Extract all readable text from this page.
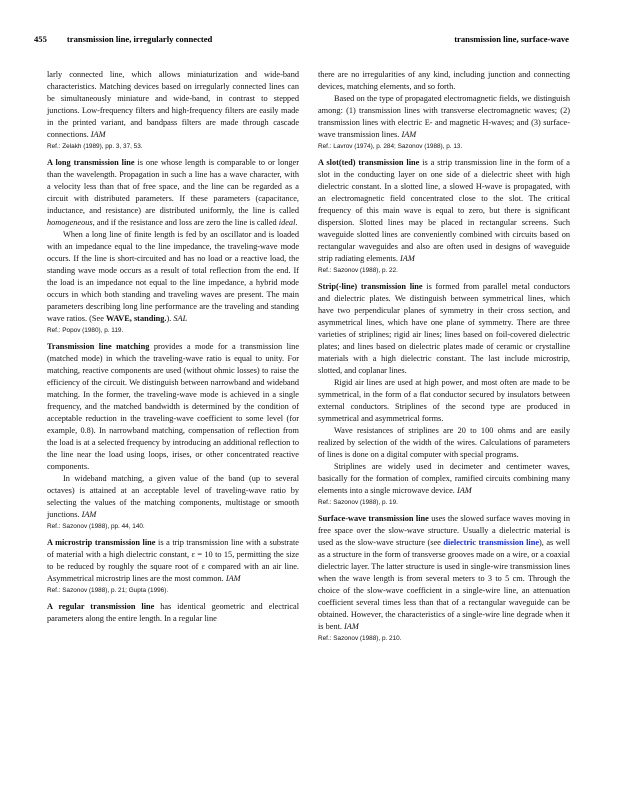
455 transmission line, irregularly connected	transmission line, surface-wave

larly connected line, which allows miniaturization and wide-band characteristics. Matching devices based on irregularly connected lines can be simultaneously miniature and wide-band, in contrast to stepped junctions. Low-frequency filters and high-frequency filters are easily made in the printed variant, and bandpass filters are made through cascade connections. IAM

Ref.: Zelakh (1989), pp. 3, 37, 53.

A long transmission line is one whose length is comparable to or longer than the wavelength. Propagation in such a line has a wave character, with a velocity less than that of free space, and the line can be regarded as a circuit with distributed parameters. If these parameters (capacitance, inductance, and resistance) are distributed uniformly, the line is called homogeneous, and if the resistance and loss are zero the line is called ideal.

When a long line of finite length is fed by an oscillator and is loaded with an impedance equal to the line impedance, the traveling-wave mode occurs. If the line is short-circuited and has no load or a reactive load, the standing wave mode occurs as a result of total reflection from the end. If the load is an impedance not equal to the line impedance, a hybrid mode occurs in which both standing and traveling waves are present. The main parameters describing long line performance are the traveling and standing wave ratios. (See WAVE, standing.). SAL

Ref.: Popov (1980), p. 119.

Transmission line matching provides a mode for a transmission line (matched mode) in which the traveling-wave ratio is equal to unity. For matching, reactive components are used (without ohmic losses) to raise the efficiency of the circuit. We distinguish between narrowband and wideband matching. In the former, the traveling-wave mode is achieved in a single frequency, and the matched bandwidth is determined by the condition of acceptable reduction in the traveling-wave coefficient to some level (for example, 0.8). In narrowband matching, compensation of reflection from the load is at a selected frequency by introducing an additional reflection to the line near the load using loops, irises, or other concentrated reactive components.

In wideband matching, a given value of the band (up to several octaves) is attained at an acceptable level of traveling-wave ratio by selecting the values of the matching components, multistage or smooth junctions. IAM

Ref.: Sazonov (1988), pp. 44, 140.

A microstrip transmission line is a trip transmission line with a substrate of material with a high dielectric constant, ε = 10 to 15, permitting the size to be reduced by roughly the square root of ε compared with an air line. Asymmetrical microstrip lines are the most common. IAM

Ref.: Sazonov (1988), p. 21; Gupta (1996).

A regular transmission line has identical geometric and electrical parameters along the entire length. In a regular line

there are no irregularities of any kind, including junction and connecting devices, matching elements, and so forth.

Based on the type of propagated electromagnetic fields, we distinguish among: (1) transmission lines with transverse electromagnetic waves; (2) transmission lines with electric E- and magnetic H-waves; and (3) surface-wave transmission lines. IAM

Ref.: Lavrov (1974), p. 284; Sazonov (1988), p. 13.

A slot(ted) transmission line is a strip transmission line in the form of a slot in the conducting layer on one side of a dielectric sheet with high dielectric constant. In a slotted line, a slowed H-wave is propagated, with an electromagnetic field concentrated close to the slot. The critical frequency of this main wave is equal to zero, but there is significant dispersion. Slotted lines may be placed in rectangular screens. Such waveguide slotted lines are conveniently combined with circuits based on rectangular waveguides and also are often used in designs of waveguide strip radiating elements. IAM

Ref.: Sazonov (1988), p. 22.

Strip(-line) transmission line is formed from parallel metal conductors and dielectric plates. We distinguish between symmetrical lines, which have two perpendicular planes of symmetry in their cross section, and asymmetrical lines, which have one plane of symmetry. There are three varieties of striplines; rigid air lines; lines based on foil-covered dielectric plates; and lines based on dielectric plates made of ceramic or crystalline materials with a high dielectric constant. The last include microstrip, slotted, and coplanar lines.

Rigid air lines are used at high power, and most often are made to be symmetrical, in the form of a flat conductor secured by insulators between external conductors. Striplines of the second type are produced in symmetrical and asymmetrical forms.

Wave resistances of striplines are 20 to 100 ohms and are easily realized by selection of the width of the wires. Calculations of parameters of lines is done on a digital computer with special programs.

Striplines are widely used in decimeter and centimeter waves, basically for the formation of complex, ramified circuits combining many elements into a single microwave device. IAM

Ref.: Sazonov (1988), p. 19.

Surface-wave transmission line uses the slowed surface waves moving in free space over the slow-wave structure. Usually a dielectric material is used as the slow-wave structure (see dielectric transmission line), as well as a structure in the form of transverse grooves made on a wire, or a coaxial dielectric layer. The latter structure is used in single-wire transmission lines when the wave length is from several meters to 3 to 5 cm. Through the choice of the slow-wave coefficient in a single-wire line, an attenuation coefficient several times less than that of a rectangular waveguide can be obtained. However, the characteristics of a single-wire line degrade when it is bent. IAM

Ref.: Sazonov (1988), p. 210.
